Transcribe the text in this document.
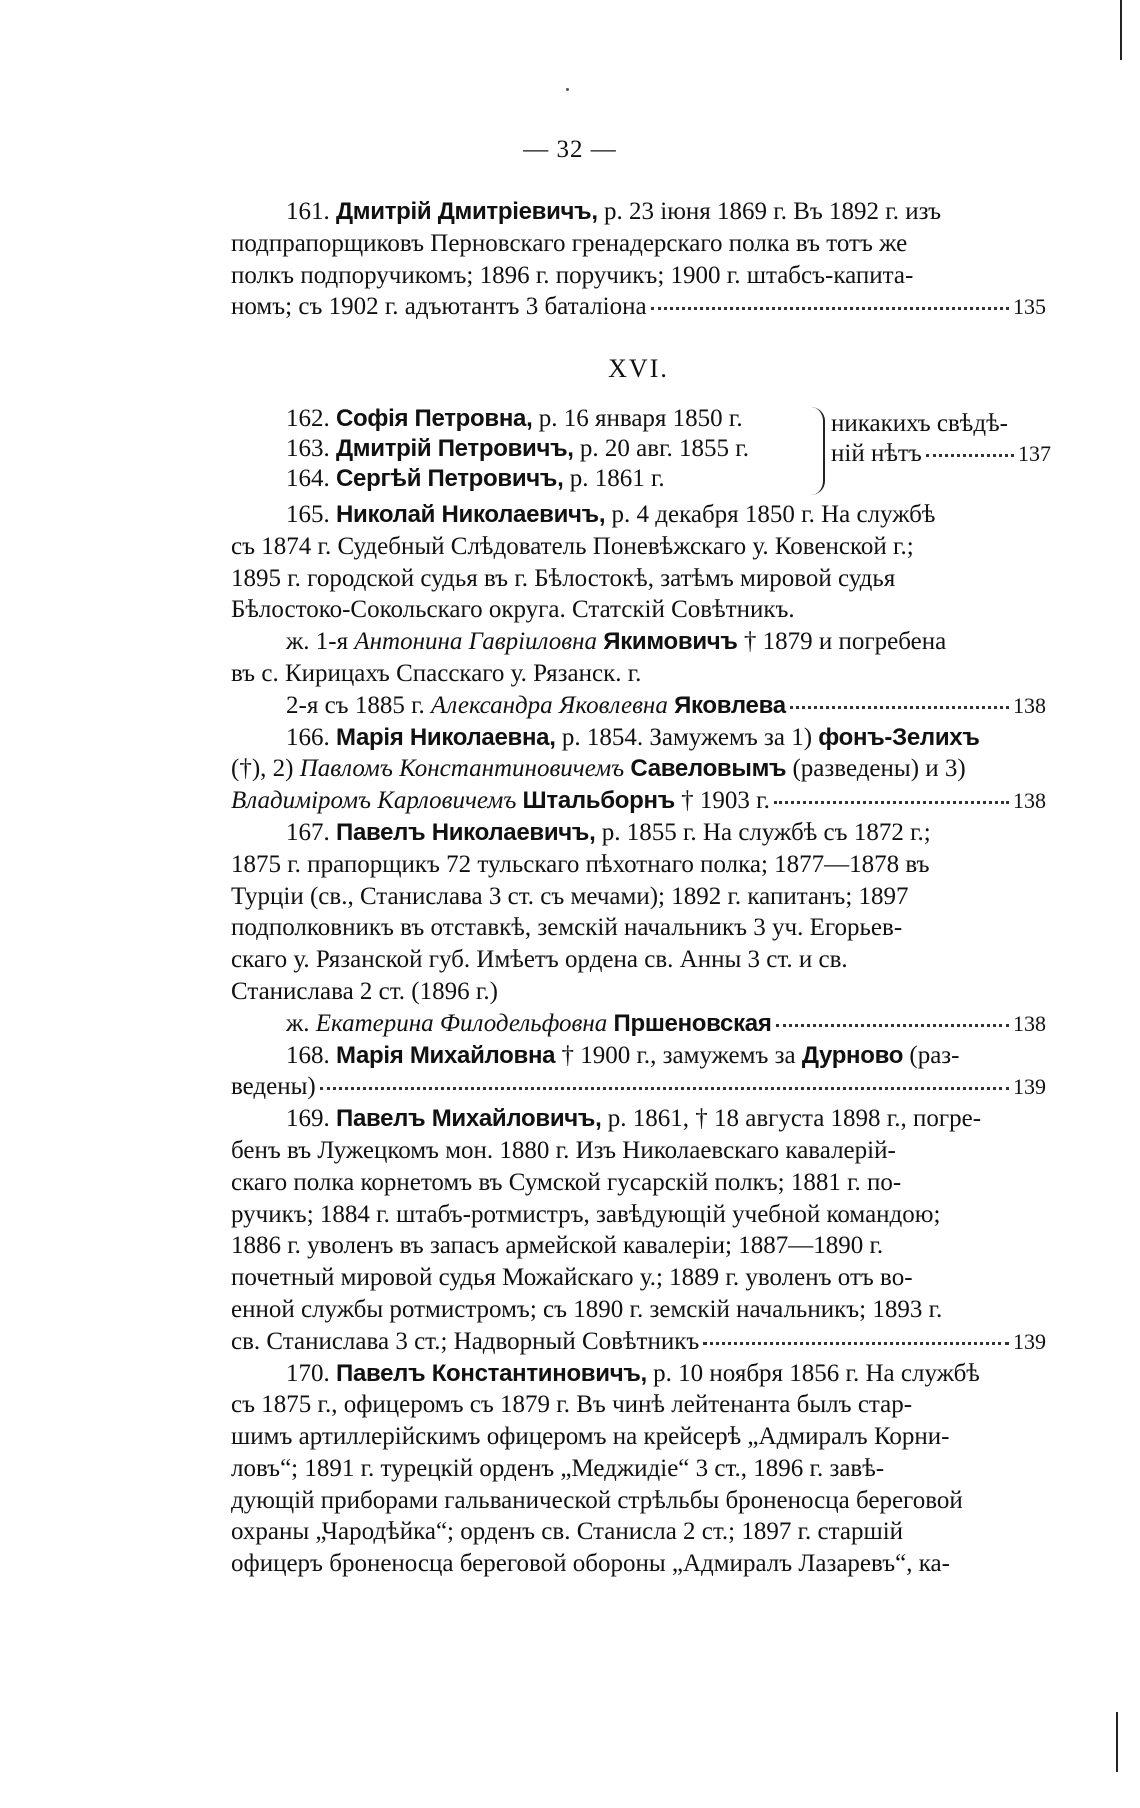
— 32 —
161. Дмитрій Дмитріевичъ, р. 23 іюня 1869 г. Въ 1892 г. изъ
подпрапорщиковъ Перновскаго гренадерскаго полка въ тотъ же
полкъ подпоручикомъ; 1896 г. поручикъ; 1900 г. штабсъ-капита-
номъ; съ 1902 г. адъютантъ 3 баталіона	135
XVI.
162. Софія Петровна, р. 16 января 1850 г.
163. Дмитрій Петровичъ, р. 20 авг. 1855 г.
164. Сергѣй Петровичъ, р. 1861 г.
никакихъ свѣдѣ-
ній нѣтъ	137
165. Николай Николаевичъ, р. 4 декабря 1850 г. На службѣ
съ 1874 г. Судебный Слѣдователь Поневѣжскаго у. Ковенской г.;
1895 г. городской судья въ г. Бѣлостокѣ, затѣмъ мировой судья
Бѣлостоко-Сокольскаго округа. Статскій Совѣтникъ.
ж. 1-я Антонина Гавріиловна Якимовичъ † 1879 и погребена
въ с. Кирицахъ Спасскаго у. Рязанск. г.
2-я съ 1885 г. Александра Яковлевна Яковлева	138
166. Марія Николаевна, р. 1854. Замужемъ за 1) фонъ-Зелихъ
(†), 2) Павломъ Константиновичемъ Савеловымъ (разведены) и 3)
Владиміромъ Карловичемъ Штальборнъ † 1903 г.	138
167. Павелъ Николаевичъ, р. 1855 г. На службѣ съ 1872 г.;
1875 г. прапорщикъ 72 тульскаго пѣхотнаго полка; 1877—1878 въ
Турціи (св., Станислава 3 ст. съ мечами); 1892 г. капитанъ; 1897
подполковникъ въ отставкѣ, земскій начальникъ 3 уч. Егорьев-
скаго у. Рязанской губ. Имѣетъ ордена св. Анны 3 ст. и св.
Станислава 2 ст. (1896 г.)
ж. Екатерина Филодельфовна Пршеновская	138
168. Марія Михайловна † 1900 г., замужемъ за Дурново (раз-
ведены)	139
169. Павелъ Михайловичъ, р. 1861, † 18 августа 1898 г., погре-
бенъ въ Лужецкомъ мон. 1880 г. Изъ Николаевскаго кавалерій-
скаго полка корнетомъ въ Сумской гусарскій полкъ; 1881 г. по-
ручикъ; 1884 г. штабъ-ротмистръ, завѣдующій учебной командою;
1886 г. уволенъ въ запасъ армейской кавалеріи; 1887—1890 г.
почетный мировой судья Можайскаго у.; 1889 г. уволенъ отъ во-
енной службы ротмистромъ; съ 1890 г. земскій начальникъ; 1893 г.
св. Станислава 3 ст.; Надворный Совѣтникъ	139
170. Павелъ Константиновичъ, р. 10 ноября 1856 г. На службѣ
съ 1875 г., офицеромъ съ 1879 г. Въ чинѣ лейтенанта былъ стар-
шимъ артиллерійскимъ офицеромъ на крейсерѣ „Адмиралъ Корни-
ловъ“; 1891 г. турецкій орденъ „Меджидіе“ 3 ст., 1896 г. завѣ-
дующій приборами гальванической стрѣльбы броненосца береговой
охраны „Чародѣйка“; орденъ св. Станисла 2 ст.; 1897 г. старшій
офицеръ броненосца береговой обороны „Адмиралъ Лазаревъ“, ка-
